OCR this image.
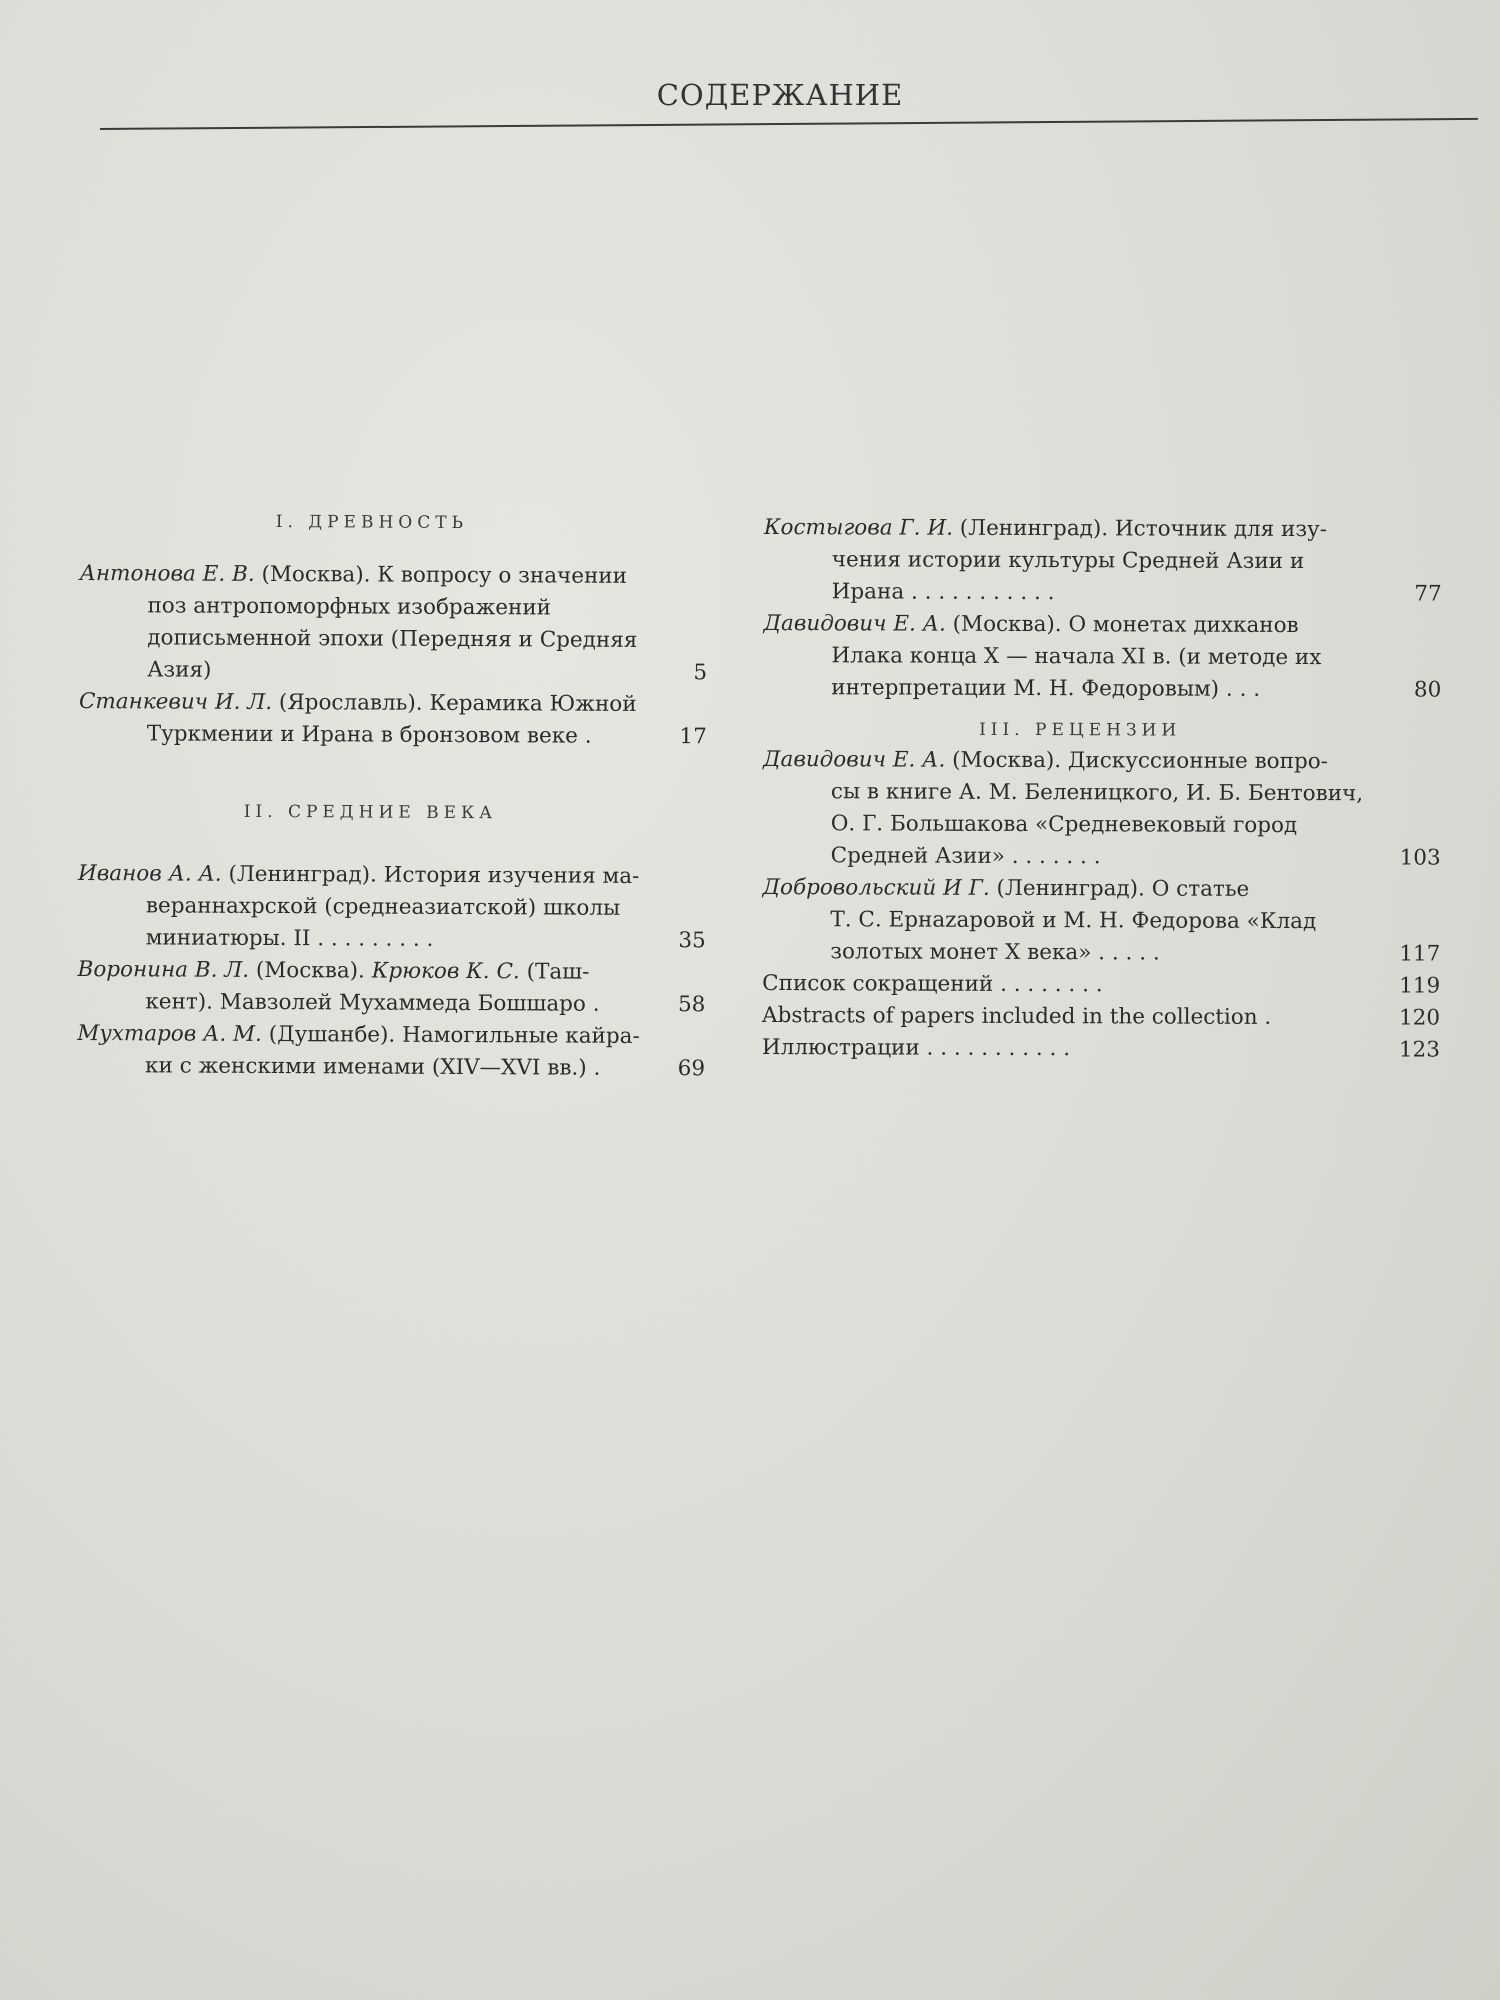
СОДЕРЖАНИЕ
I. ДРЕВНОСТЬ
Антонова Е. В. (Москва). К вопросу о значении
поз антропоморфных изображений дописьменной эпохи (Передняя и Средняя Азия)	5
Станкевич И. Л. (Ярославль). Керамика Южной
Туркмении и Ирана в бронзовом веке .	17
II. СРЕДНИЕ ВЕКА
Иванов А. А. (Ленинград). История изучения ма-
вераннахрской (среднеазиатской) школы миниатюры. II . . . . . . . . .	35
Воронина В. Л. (Москва). Крюков К. С. (Таш-
кент). Мавзолей Мухаммеда Бошшаро .	58
Мухтаров А. М. (Душанбе). Намогильные кайра-
ки с женскими именами (XIV—XVI вв.) .	69
Костыгова Г. И. (Ленинград). Источник для изу-
чения истории культуры Средней Азии и Ирана . . . . . . . . . . .	77
Давидович Е. А. (Москва). О монетах дихканов
Илака конца X — начала XI в. (и методе их интерпретации М. Н. Федоровым) . . .	80
III. РЕЦЕНЗИИ
Давидович Е. А. (Москва). Дискуссионные вопро-
сы в книге А. М. Беленицкого, И. Б. Бентович, О. Г. Большакова «Средневековый город Средней Азии» . . . . . . .	103
Добровольский И Г. (Ленинград). О статье
Т. С. Ернazаровой и М. Н. Федорова «Клад золотых монет X века» . . . . .	117
Список сокращений . . . . . . . .	119
Abstracts of papers included in the collection .	120
Иллюстрации . . . . . . . . . . .	123
